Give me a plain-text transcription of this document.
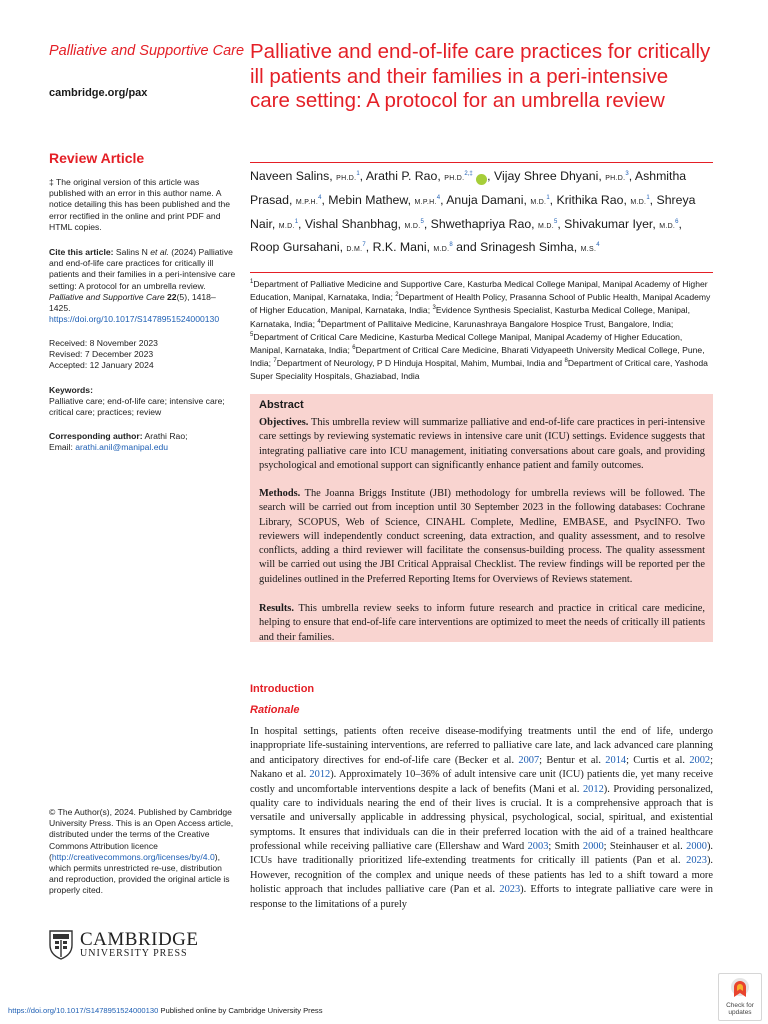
Palliative and Supportive Care
cambridge.org/pax
Review Article
‡ The original version of this article was published with an error in this author name. A notice detailing this has been published and the error rectified in the online and print PDF and HTML copies.
Cite this article: Salins N et al. (2024) Palliative and end-of-life care practices for critically ill patients and their families in a peri-intensive care setting: A protocol for an umbrella review. Palliative and Supportive Care 22(5), 1418–1425. https://doi.org/10.1017/S1478951524000130
Received: 8 November 2023
Revised: 7 December 2023
Accepted: 12 January 2024
Keywords:
Palliative care; end-of-life care; intensive care; critical care; practices; review
Corresponding author: Arathi Rao;
Email: arathi.anil@manipal.edu
© The Author(s), 2024. Published by Cambridge University Press. This is an Open Access article, distributed under the terms of the Creative Commons Attribution licence (http://creativecommons.org/licenses/by/4.0), which permits unrestricted re-use, distribution and reproduction, provided the original article is properly cited.
CAMBRIDGE
UNIVERSITY PRESS
https://doi.org/10.1017/S1478951524000130 Published online by Cambridge University Press
Check for
updates
Palliative and end-of-life care practices for critically ill patients and their families in a peri-intensive care setting: A protocol for an umbrella review
Naveen Salins, PH.D.$^1$, Arathi P. Rao, PH.D.$^{2,\ddagger}$   , Vijay Shree Dhyani, PH.D.$^3$, Ashmitha Prasad, M.P.H.$^4$, Mebin Mathew, M.P.H.$^4$, Anuja Damani, M.D.$^1$, Krithika Rao, M.D.$^1$, Shreya Nair, M.D.$^1$, Vishal Shanbhag, M.D.$^5$, Shwethapriya Rao, M.D.$^5$, Shivakumar Iyer, M.D.$^6$, Roop Gursahani, D.M.$^7$, R.K. Mani, M.D.$^8$ and Srinagesh Simha, M.S.$^4$
$^1$Department of Palliative Medicine and Supportive Care, Kasturba Medical College Manipal, Manipal Academy of Higher Education, Manipal, Karnataka, India; $^2$Department of Health Policy, Prasanna School of Public Health, Manipal Academy of Higher Education, Manipal, Karnataka, India; $^3$Evidence Synthesis Specialist, Kasturba Medical College, Manipal, Karnataka, India; $^4$Department of Pallitaive Medicine, Karunashraya Bangalore Hospice Trust, Bangalore, India; $^5$Department of Critical Care Medicine, Kasturba Medical College Manipal, Manipal Academy of Higher Education, Manipal, Karnataka, India; $^6$Department of Critical Care Medicine, Bharati Vidyapeeth University Medical College, Pune, India; $^7$Department of Neurology, P D Hinduja Hospital, Mahim, Mumbai, India and $^8$Department of Critical care, Yashoda Super Speciality Hospitals, Ghaziabad, India
Abstract

Objectives. This umbrella review will summarize palliative and end-of-life care practices in peri-intensive care settings by reviewing systematic reviews in intensive care unit (ICU) settings. Evidence suggests that integrating palliative care into ICU management, initiating conversations about care goals, and providing psychological and emotional support can significantly enhance patient and family outcomes.

Methods. The Joanna Briggs Institute (JBI) methodology for umbrella reviews will be followed. The search will be carried out from inception until 30 September 2023 in the following databases: Cochrane Library, SCOPUS, Web of Science, CINAHL Complete, Medline, EMBASE, and PsycINFO. Two reviewers will independently conduct screening, data extraction, and quality assessment, and to resolve conflicts, adding a third reviewer will facilitate the consensus-building process. The quality assessment will be carried out using the JBI Critical Appraisal Checklist. The review findings will be reported per the guidelines outlined in the Preferred Reporting Items for Overviews of Reviews statement.

Results. This umbrella review seeks to inform future research and practice in critical care medicine, helping to ensure that end-of-life care interventions are optimized to meet the needs of critically ill patients and their families.

Introduction
Rationale

In hospital settings, patients often receive disease-modifying treatments until the end of life, undergo inappropriate life-sustaining interventions, are referred to palliative care late, and lack advanced care planning and anticipatory directives for end-of-life care (Becker et al. 2007; Bentur et al. 2014; Curtis et al. 2002; Nakano et al. 2012). Approximately 10–36% of adult intensive care unit (ICU) patients die, yet many receive costly and uncomfortable interventions despite a lack of benefits (Mani et al. 2012). Providing personalized, quality care to individuals nearing the end of their lives is crucial. It is a comprehensive approach that is versatile and universally applicable in addressing physical, psychological, social, spiritual, and existential symptoms. It ensures that individuals can die in their preferred location with the aid of a trained healthcare professional while receiving palliative care (Ellershaw and Ward 2003; Smith 2000; Steinhauser et al. 2000). ICUs have traditionally prioritized life-extending treatments for critically ill patients (Pan et al. 2023). However, recognition of the complex and unique needs of these patients has led to a shift toward a more holistic approach that includes palliative care (Pan et al. 2023). Efforts to integrate palliative care were in response to the limitations of a purely
